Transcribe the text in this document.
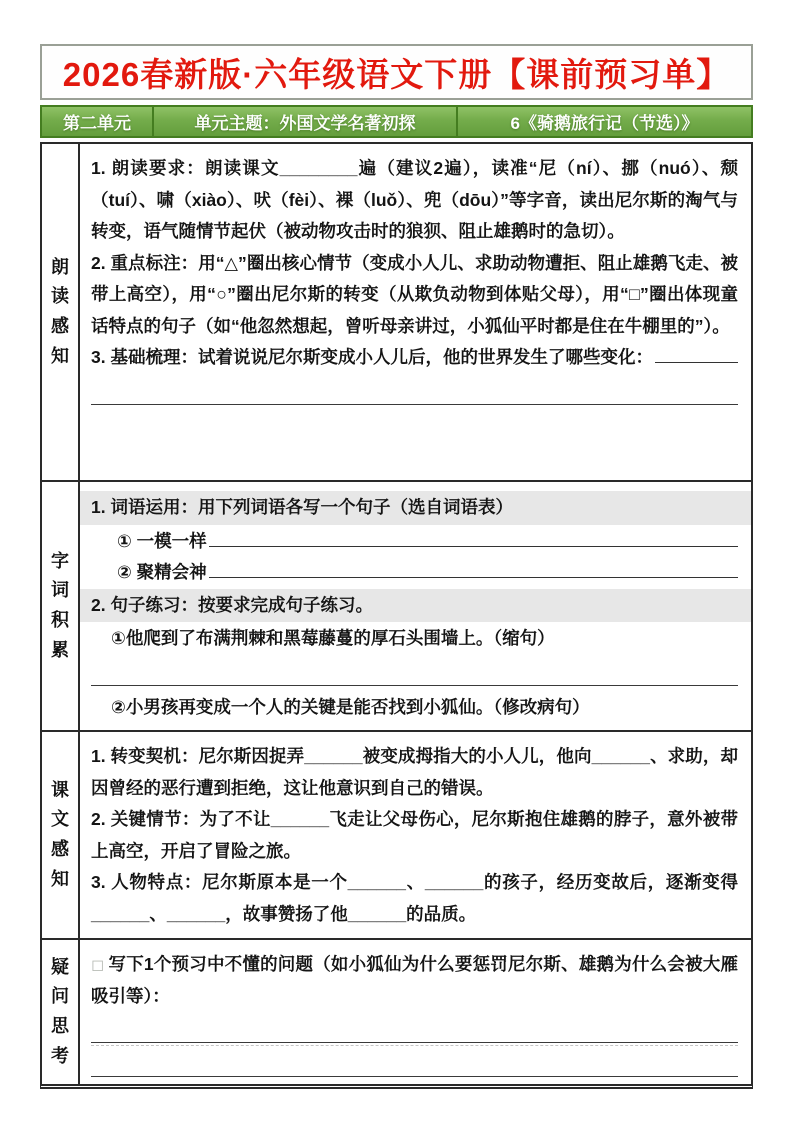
2026春新版·六年级语文下册【课前预习单】
第二单元	单元主题：外国文学名著初探	6《骑鹅旅行记（节选）》
朗读感知

1. 朗读要求：朗读课文________遍（建议2遍），读准“尼（ní）、挪（nuó）、颓（tuí）、啸（xiào）、吠（fèi）、裸（luǒ）、兜（dōu）”等字音，读出尼尔斯的淘气与转变，语气随情节起伏（被动物攻击时的狼狈、阻止雄鹅时的急切）。

2. 重点标注：用“△”圈出核心情节（变成小人儿、求助动物遭拒、阻止雄鹅飞走、被带上高空），用“○”圈出尼尔斯的转变（从欺负动物到体贴父母），用“□”圈出体现童话特点的句子（如“他忽然想起，曾听母亲讲过，小狐仙平时都是住在牛棚里的”）。

3. 基础梳理：试着说说尼尔斯变成小人儿后，他的世界发生了哪些变化：
字词积累
1. 词语运用：用下列词语各写一个句子（选自词语表）
① 一模一样
② 聚精会神
2. 句子练习：按要求完成句子练习。

①他爬到了布满荆棘和黑莓藤蔓的厚石头围墙上。（缩句）

②小男孩再变成一个人的关键是能否找到小狐仙。（修改病句）

课文感知

1. 转变契机：尼尔斯因捉弄______被变成拇指大的小人儿，他向______、求助，却因曾经的恶行遭到拒绝，这让他意识到自己的错误。

2. 关键情节：为了不让______飞走让父母伤心，尼尔斯抱住雄鹅的脖子，意外被带上高空，开启了冒险之旅。

3. 人物特点：尼尔斯原本是一个______、______的孩子，经历变故后，逐渐变得______、______，故事赞扬了他______的品质。

疑问思考
◻ 写下1个预习中不懂的问题（如小狐仙为什么要惩罚尼尔斯、雄鹅为什么会被大雁吸引等）：
